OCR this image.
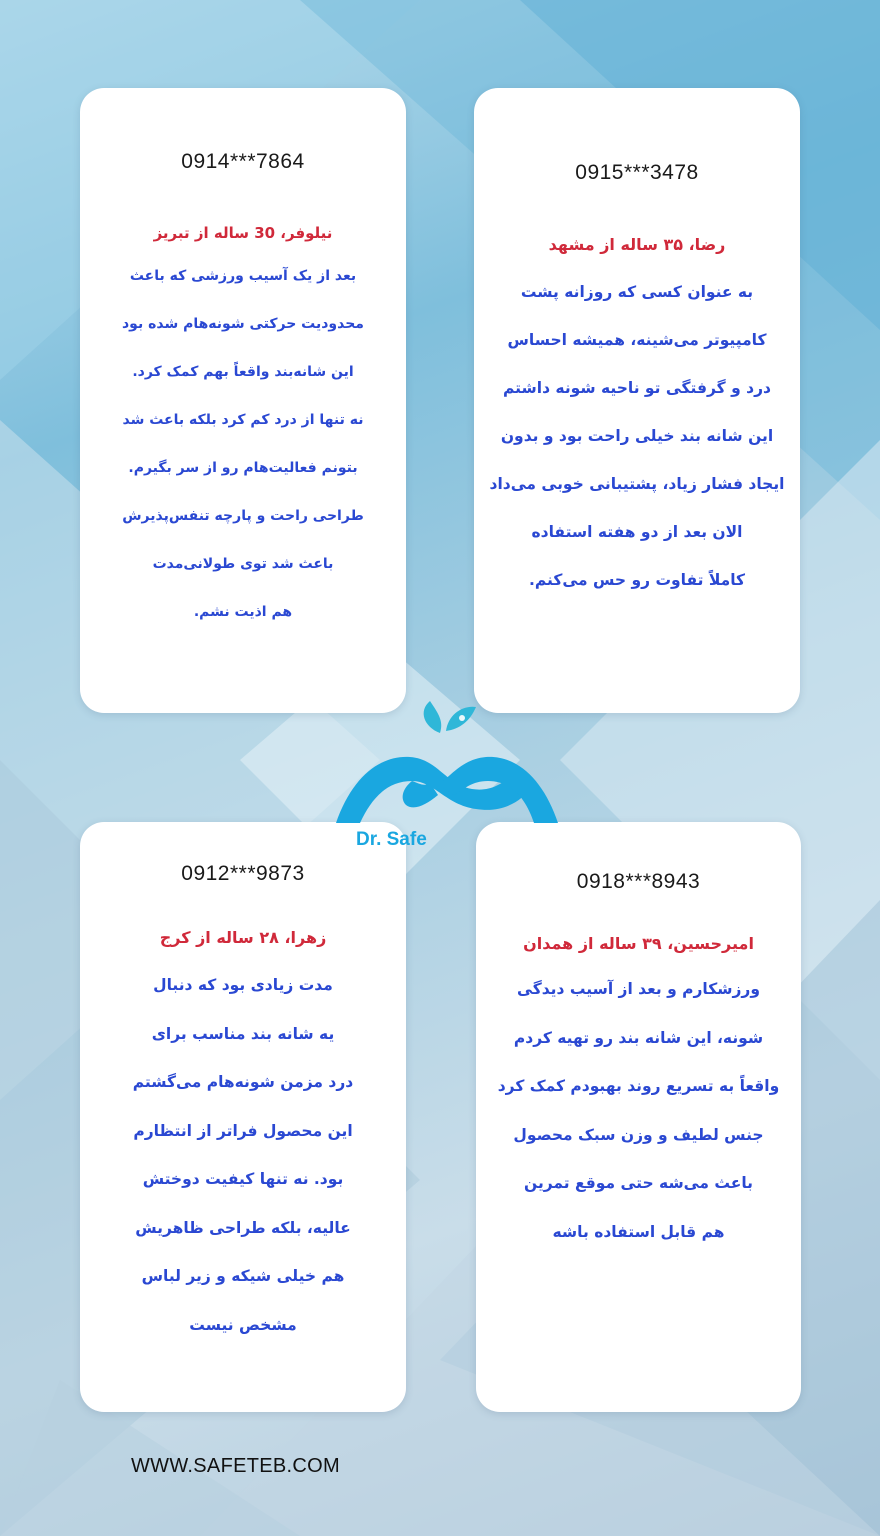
0915***3478
رضا، ۳۵ ساله از مشهد
به عنوان کسی که روزانه پشت
کامپیوتر می‌شینه، همیشه احساس
درد و گرفتگی تو ناحیه شونه داشتم
این شانه بند خیلی راحت بود و بدون
ایجاد فشار زیاد، پشتیبانی خوبی می‌داد
الان بعد از دو هفته استفاده
کاملاً تفاوت رو حس می‌کنم.
0914***7864
نیلوفر، 30 ساله از تبریز
بعد از یک آسیب ورزشی که باعث
محدودیت حرکتی شونه‌هام شده بود
این شانه‌بند واقعاً بهم کمک کرد.
نه تنها از درد کم کرد بلکه باعث شد
بتونم فعالیت‌هام رو از سر بگیرم.
طراحی راحت و پارچه تنفس‌پذیرش
باعث شد توی طولانی‌مدت
هم اذیت نشم.
0912***9873
زهرا، ۲۸ ساله از کرج
مدت زیادی بود که دنبال
یه شانه بند مناسب برای
درد مزمن شونه‌هام می‌گشتم
این محصول فراتر از انتظارم
بود. نه تنها کیفیت دوختش
عالیه، بلکه طراحی ظاهریش
هم خیلی شیکه و زیر لباس
مشخص نیست
0918***8943
امیرحسین، ۳۹ ساله از همدان
ورزشکارم و بعد از آسیب دیدگی
شونه، این شانه بند رو تهیه کردم
واقعاً به تسریع روند بهبودم کمک کرد
جنس لطیف و وزن سبک محصول
باعث می‌شه حتی موقع تمرین
هم قابل استفاده باشه
Dr. Safe
WWW.SAFETEB.COM
